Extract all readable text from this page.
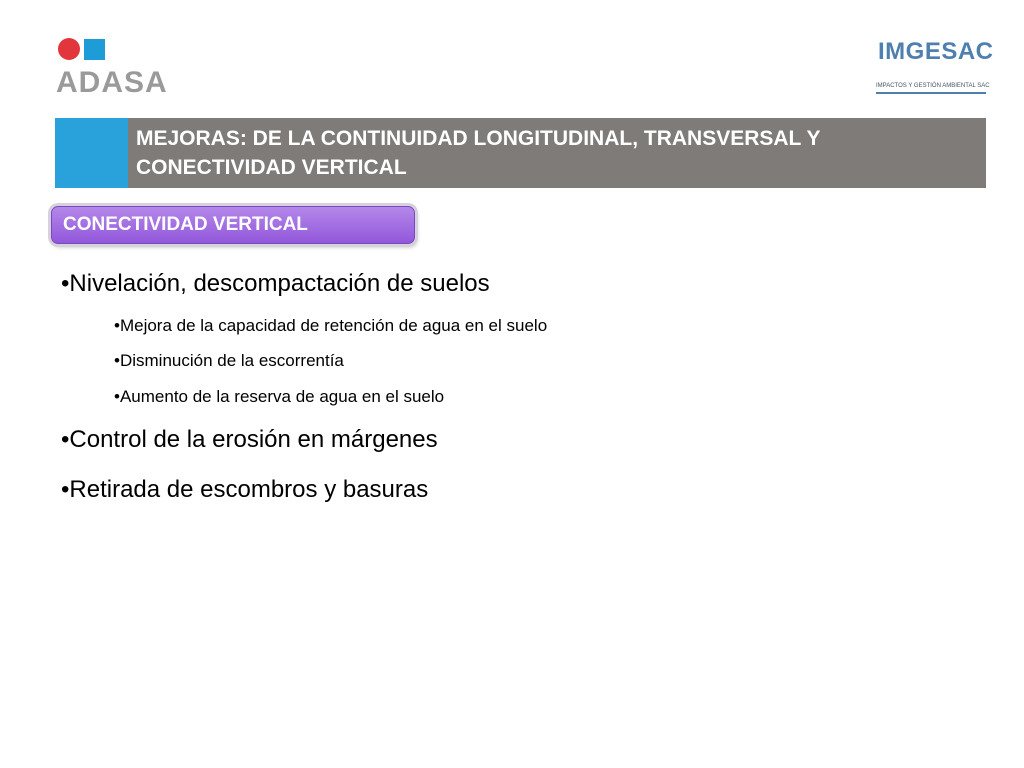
ADASA
IMGESAC
IMPACTOS Y GESTIÓN AMBIENTAL SAC
MEJORAS: DE LA CONTINUIDAD LONGITUDINAL, TRANSVERSAL Y CONECTIVIDAD VERTICAL
CONECTIVIDAD VERTICAL
•Nivelación, descompactación de suelos
•Mejora de la capacidad de retención de agua en el suelo
•Disminución de la escorrentía
•Aumento de la reserva de agua en el suelo
•Control de la erosión en márgenes
•Retirada de escombros y basuras
